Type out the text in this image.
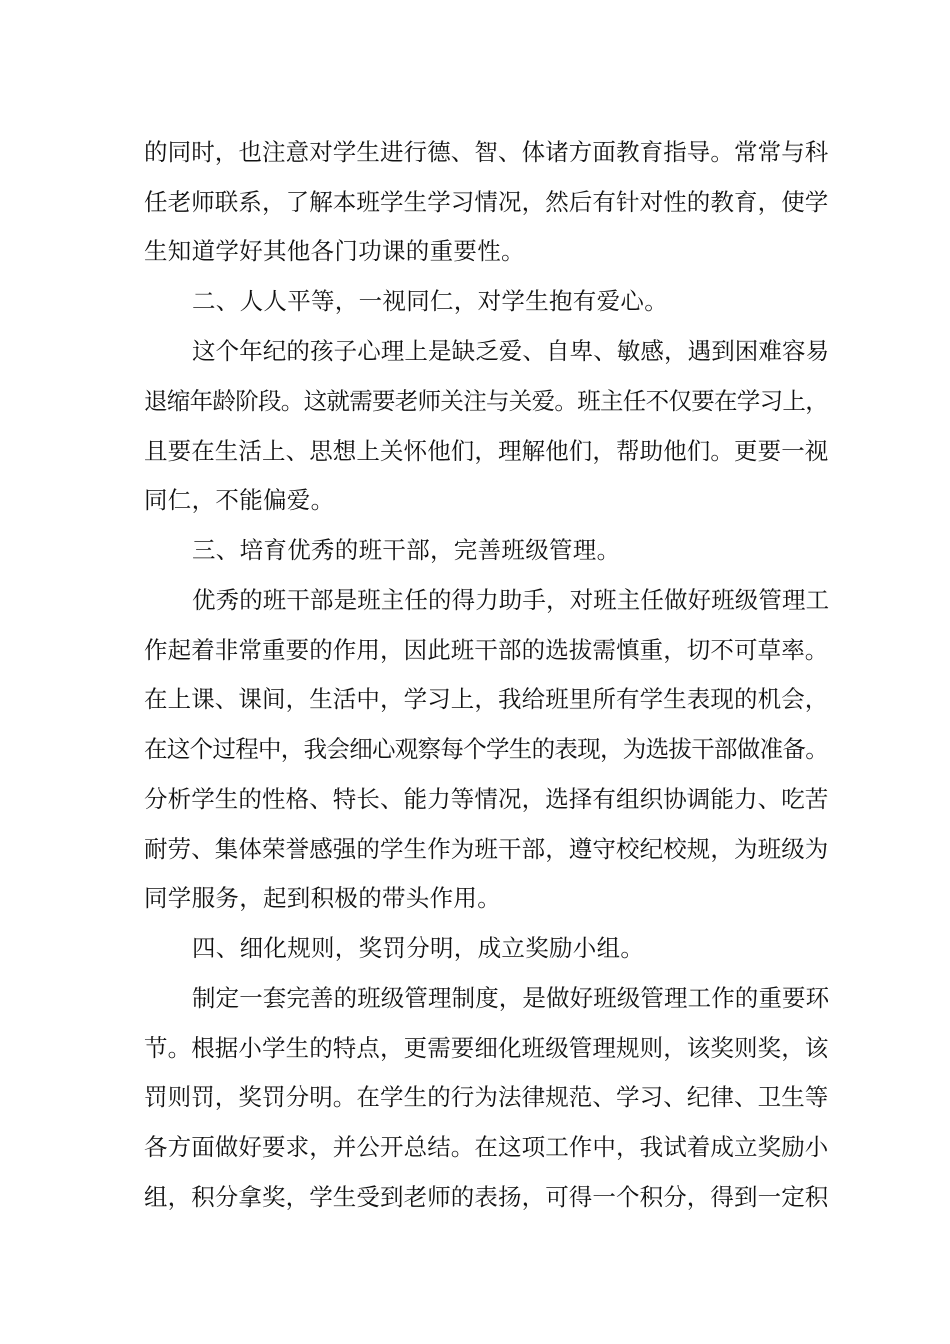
的同时，也注意对学生进行德、智、体诸方面教育指导。常常与科
任老师联系，了解本班学生学习情况，然后有针对性的教育，使学
生知道学好其他各门功课的重要性。
二、人人平等，一视同仁，对学生抱有爱心。
这个年纪的孩子心理上是缺乏爱、自卑、敏感，遇到困难容易
退缩年龄阶段。这就需要老师关注与关爱。班主任不仅要在学习上，
且要在生活上、思想上关怀他们，理解他们，帮助他们。更要一视
同仁，不能偏爱。
三、培育优秀的班干部，完善班级管理。
优秀的班干部是班主任的得力助手，对班主任做好班级管理工
作起着非常重要的作用，因此班干部的选拔需慎重，切不可草率。
在上课、课间，生活中，学习上，我给班里所有学生表现的机会，
在这个过程中，我会细心观察每个学生的表现，为选拔干部做准备。
分析学生的性格、特长、能力等情况，选择有组织协调能力、吃苦
耐劳、集体荣誉感强的学生作为班干部，遵守校纪校规，为班级为
同学服务，起到积极的带头作用。
四、细化规则，奖罚分明，成立奖励小组。
制定一套完善的班级管理制度，是做好班级管理工作的重要环
节。根据小学生的特点，更需要细化班级管理规则，该奖则奖，该
罚则罚，奖罚分明。在学生的行为法律规范、学习、纪律、卫生等
各方面做好要求，并公开总结。在这项工作中，我试着成立奖励小
组，积分拿奖，学生受到老师的表扬，可得一个积分，得到一定积
